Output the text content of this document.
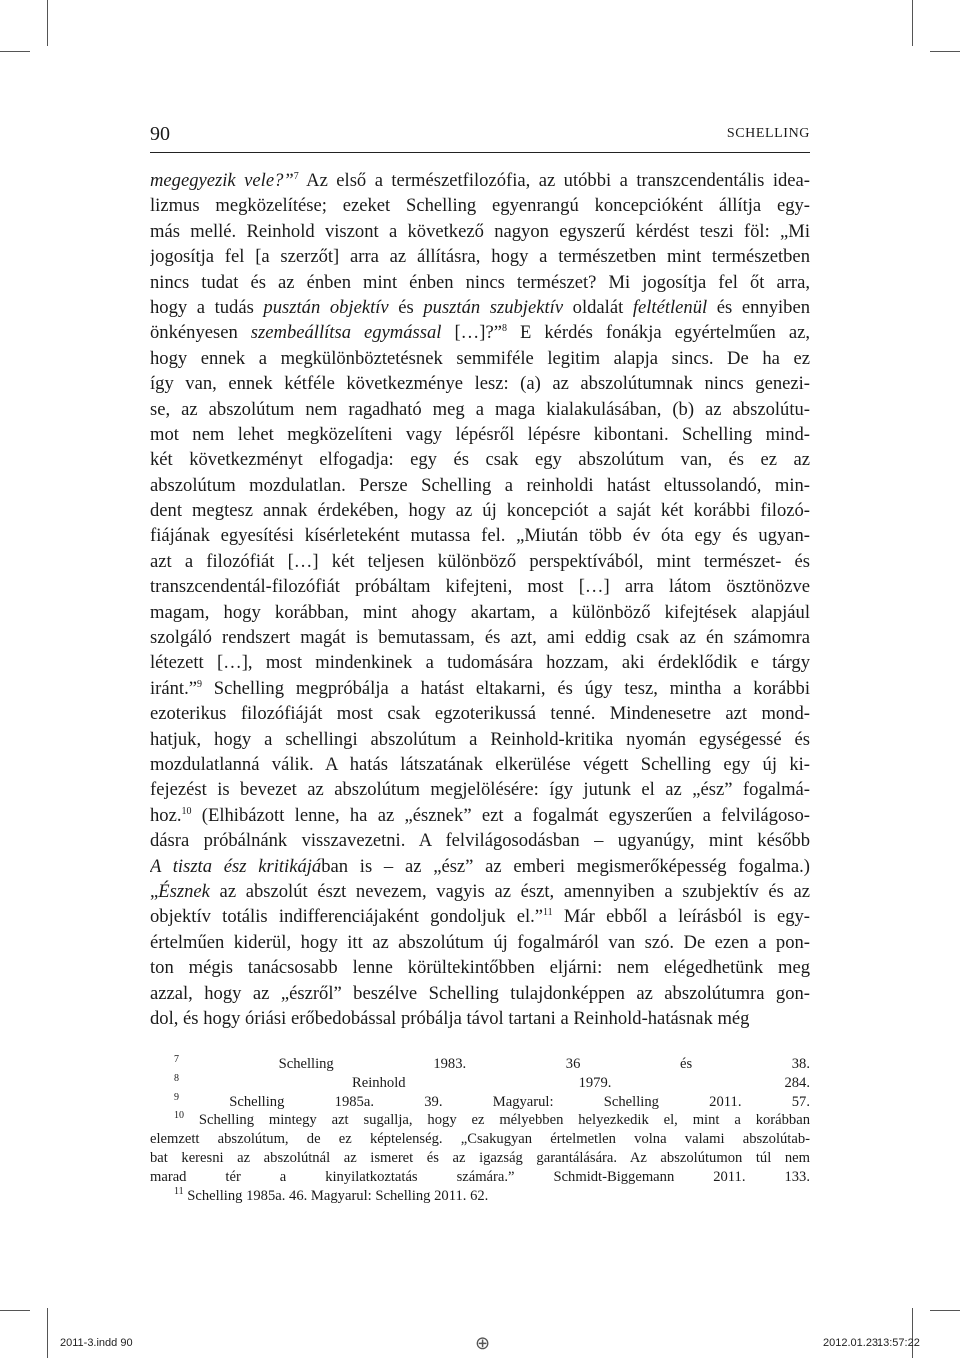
90	SCHELLING
megegyezik vele?”$^7$ Az első a természetfilozófia, az utóbbi a transzcendentális idea-
lizmus megközelítése; ezeket Schelling egyenrangú koncepcióként állítja egy-
más mellé. Reinhold viszont a következő nagyon egyszerű kérdést teszi föl: „Mi
jogosítja fel [a szerzőt] arra az állításra, hogy a természetben mint természetben
nincs tudat és az énben mint énben nincs természet? Mi jogosítja fel őt arra,
hogy a tudás pusztán objektív és pusztán szubjektív oldalát feltétlenül és ennyiben
önkényesen szembeállítsa egymással […]?”$^8$ E kérdés fonákja egyértelműen az,
hogy ennek a megkülönböztetésnek semmiféle legitim alapja sincs. De ha ez
így van, ennek kétféle következménye lesz: (a) az abszolútumnak nincs genezi-
se, az abszolútum nem ragadható meg a maga kialakulásában, (b) az abszolútu-
mot nem lehet megközelíteni vagy lépésről lépésre kibontani. Schelling mind-
két következményt elfogadja: egy és csak egy abszolútum van, és ez az
abszolútum mozdulatlan. Persze Schelling a reinholdi hatást eltussolandó, min-
dent megtesz annak érdekében, hogy az új koncepciót a saját két korábbi filozó-
fiájának egyesítési kísérleteként mutassa fel. „Miután több év óta egy és ugyan-
azt a filozófiát […] két teljesen különböző perspektívából, mint természet- és
transzcendentál-filozófiát próbáltam kifejteni, most […] arra látom ösztönözve
magam, hogy korábban, mint ahogy akartam, a különböző kifejtések alapjául
szolgáló rendszert magát is bemutassam, és azt, ami eddig csak az én számomra
létezett […], most mindenkinek a tudomására hozzam, aki érdeklődik e tárgy
iránt.”$^9$ Schelling megpróbálja a hatást eltakarni, és úgy tesz, mintha a korábbi
ezoterikus filozófiáját most csak egzoterikussá tenné. Mindenesetre azt mond-
hatjuk, hogy a schellingi abszolútum a Reinhold-kritika nyomán egységessé és
mozdulatlanná válik. A hatás látszatának elkerülése végett Schelling egy új ki-
fejezést is bevezet az abszolútum megjelölésére: így jutunk el az „ész” fogalmá-
hoz.$^{10}$ (Elhibázott lenne, ha az „észnek” ezt a fogalmát egyszerűen a felvilágoso-
dásra próbálnánk visszavezetni. A felvilágosodásban – ugyanúgy, mint később
A tiszta ész kritikájában is – az „ész” az emberi megismerőképesség fogalma.)
„Észnek az abszolút észt nevezem, vagyis az észt, amennyiben a szubjektív és az
objektív totális indifferenciájaként gondoljuk el.”$^{11}$ Már ebből a leírásból is egy-
értelműen kiderül, hogy itt az abszolútum új fogalmáról van szó. De ezen a pon-
ton mégis tanácsosabb lenne körültekintőbben eljárni: nem elégedhetünk meg
azzal, hogy az „észről” beszélve Schelling tulajdonképpen az abszolútumra gon-
dol, és hogy óriási erőbedobással próbálja távol tartani a Reinhold-hatásnak még
$^7$ Schelling 1983. 36 és 38.
$^8$ Reinhold 1979. 284.
$^9$ Schelling 1985a. 39. Magyarul: Schelling 2011. 57.
$^{10}$ Schelling mintegy azt sugallja, hogy ez mélyebben helyezkedik el, mint a korábban
elemzett abszolútum, de ez képtelenség. „Csakugyan értelmetlen volna valami abszolútab-
bat keresni az abszolútnál az ismeret és az igazság garantálására. Az abszolútumon túl nem
marad tér a kinyilatkoztatás számára.” Schmidt-Biggemann 2011. 133.
$^{11}$ Schelling 1985a. 46. Magyarul: Schelling 2011. 62.
2011-3.indd 90	⊕	2012.01.23.
13:57:22
